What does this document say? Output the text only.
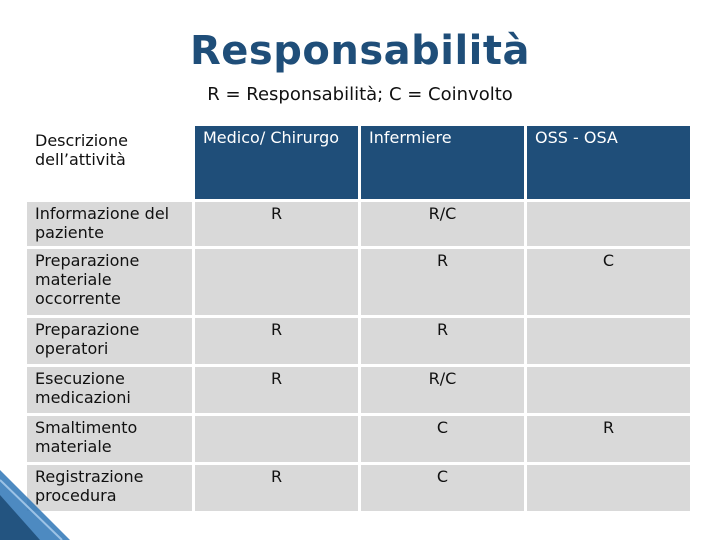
Responsabilità
R = Responsabilità; C = Coinvolto
Descrizione dell’attività	Medico/ Chirurgo	Infermiere	OSS - OSA
Informazione del paziente	R	R/C	
Preparazione materiale occorrente		R	C
Preparazione operatori	R	R	
Esecuzione medicazioni	R	R/C	
Smaltimento materiale		C	R
Registrazione procedura	R	C	
